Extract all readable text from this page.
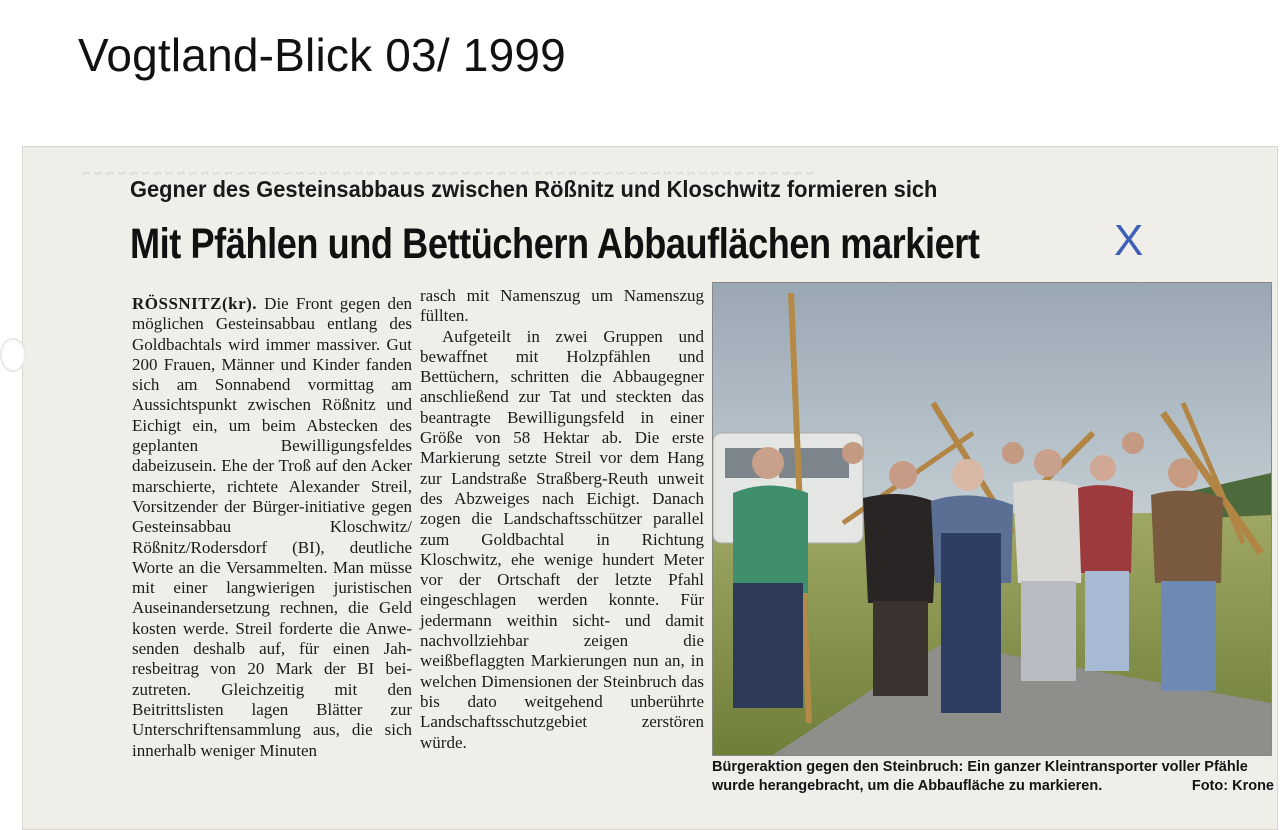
Vogtland-Blick 03/ 1999
~ ~ ~ ~ ~ ~ ~ ~ ~ ~ ~ ~ ~ ~ ~ ~ ~ ~ ~ ~ ~ ~ ~ ~ ~ ~ ~ ~ ~ ~ ~ ~ ~ ~ ~ ~ ~ ~ ~ ~ ~ ~ ~ ~ ~ ~ ~ ~ ~ ~ ~ ~ ~ ~ ~ ~ ~ ~ ~ ~ ~ ~
Gegner des Gesteinsabbaus zwischen Rößnitz und Kloschwitz formieren sich
Mit Pfählen und Bettüchern Abbauflächen markiert	X

RÖSSNITZ(kr). Die Front gegen den möglichen Gesteinsabbau entlang des Goldbachtals wird immer massiver. Gut 200 Frauen, Männer und Kinder fanden sich am Sonnabend vormittag am Aussichtspunkt zwischen Rößnitz und Eichigt ein, um beim Abstecken des geplanten Bewilligungsfeldes dabeizusein. Ehe der Troß auf den Acker marschierte, richtete Alexander Streil, Vorsitzender der Bürger-initiative gegen Gesteinsabbau Kloschwitz/ Rößnitz/Rodersdorf (BI), deutliche Worte an die Versammelten. Man müsse mit einer langwierigen juristischen Auseinandersetzung rechnen, die Geld kosten werde. Streil forderte die Anwesenden deshalb auf, für einen Jahresbeitrag von 20 Mark der BI beizutreten. Gleichzeitig mit den Beitrittslisten lagen Blätter zur Unterschriftensammlung aus, die sich innerhalb weniger Minuten

rasch mit Namenszug um Namenszug füllten.

Aufgeteilt in zwei Gruppen und bewaffnet mit Holzpfählen und Bettüchern, schritten die Abbaugegner anschließend zur Tat und steckten das beantragte Bewilligungsfeld in einer Größe von 58 Hektar ab. Die erste Markierung setzte Streil vor dem Hang zur Landstraße Straßberg-Reuth unweit des Abzweiges nach Eichigt. Danach zogen die Landschaftsschützer parallel zum Goldbachtal in Richtung Kloschwitz, ehe wenige hundert Meter vor der Ortschaft der letzte Pfahl eingeschlagen werden konnte. Für jedermann weithin sicht- und damit nachvollziehbar zeigen die weißbeflaggten Markierungen nun an, in welchen Dimensionen der Steinbruch das bis dato weitgehend unberührte Landschaftsschutzgebiet zerstören würde.

Bürgeraktion gegen den Steinbruch: Ein ganzer Kleintransporter voller Pfähle
wurde herangebracht, um die Abbaufläche zu markieren.	Foto: Krone
